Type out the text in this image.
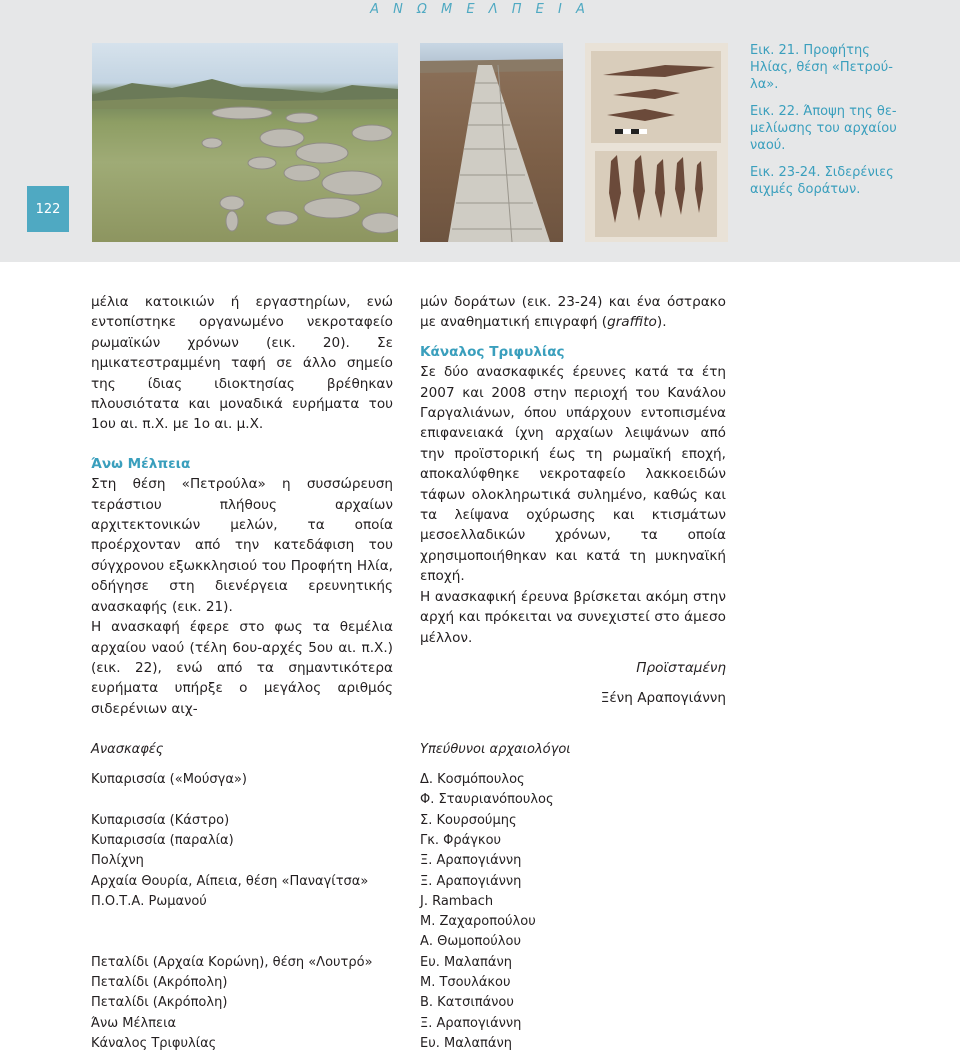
Α Ν Ω Μ Ε Λ Π Ε Ι Α
122

Εικ. 21. Προφήτης Ηλίας, θέση «Πετρού-λα».

Εικ. 22. Άποψη της θε-μελίωσης του αρχαίου ναού.

Εικ. 23-24. Σιδερένιες αιχμές δοράτων.

μέλια κατοικιών ή εργαστηρίων, ενώ εντοπίστηκε οργανωμένο νεκροταφείο ρωμαϊκών χρόνων (εικ. 20). Σε ημικατεστραμμένη ταφή σε άλλο σημείο της ίδιας ιδιοκτησίας βρέθηκαν πλουσιότατα και μοναδικά ευρήματα του 1ου αι. π.Χ. με 1ο αι. μ.Χ.

Άνω Μέλπεια

Στη θέση «Πετρούλα» η συσσώρευση τεράστιου πλήθους αρχαίων αρχιτεκτονικών μελών, τα οποία προέρχονταν από την κατεδάφιση του σύγχρονου εξωκκλησιού του Προφήτη Ηλία, οδήγησε στη διενέργεια ερευνητικής ανασκαφής (εικ. 21).

Η ανασκαφή έφερε στο φως τα θεμέλια αρχαίου ναού (τέλη 6ου-αρχές 5ου αι. π.Χ.) (εικ. 22), ενώ από τα σημαντικότερα ευρήματα υπήρξε ο μεγάλος αριθμός σιδερένιων αιχ-

μών δοράτων (εικ. 23-24) και ένα όστρακο με αναθηματική επιγραφή (graffito).

Κάναλος Τριφυλίας

Σε δύο ανασκαφικές έρευνες κατά τα έτη 2007 και 2008 στην περιοχή του Κανάλου Γαργαλιάνων, όπου υπάρχουν εντοπισμένα επιφανειακά ίχνη αρχαίων λειψάνων από την προϊστορική έως τη ρωμαϊκή εποχή, αποκαλύφθηκε νεκροταφείο λακκοειδών τάφων ολοκληρωτικά συλημένο, καθώς και τα λείψανα οχύρωσης και κτισμάτων μεσοελλαδικών χρόνων, τα οποία χρησιμοποιήθηκαν και κατά τη μυκηναϊκή εποχή.

Η ανασκαφική έρευνα βρίσκεται ακόμη στην αρχή και πρόκειται να συνεχιστεί στο άμεσο μέλλον.

Προϊσταμένη
Ξένη Αραπογιάννη
Ανασκαφές	Υπεύθυνοι αρχαιολόγοι
Κυπαρισσία («Μούσγα»)
Κυπαρισσία (Κάστρο)
Κυπαρισσία (παραλία)
Πολίχνη
Αρχαία Θουρία, Αίπεια, θέση «Παναγίτσα»
Π.Ο.Τ.Α. Ρωμανού
Πεταλίδι (Αρχαία Κορώνη), θέση «Λουτρό»
Πεταλίδι (Ακρόπολη)
Πεταλίδι (Ακρόπολη)
Άνω Μέλπεια
Κάναλος Τριφυλίας
Δ. Κοσμόπουλος
Φ. Σταυριανόπουλος
Σ. Κουρσούμης
Γκ. Φράγκου
Ξ. Αραπογιάννη
Ξ. Αραπογιάννη
J. Rambach
Μ. Ζαχαροπούλου
Α. Θωμοπούλου
Ευ. Μαλαπάνη
Μ. Τσουλάκου
Β. Κατσιπάνου
Ξ. Αραπογιάννη
Ευ. Μαλαπάνη
